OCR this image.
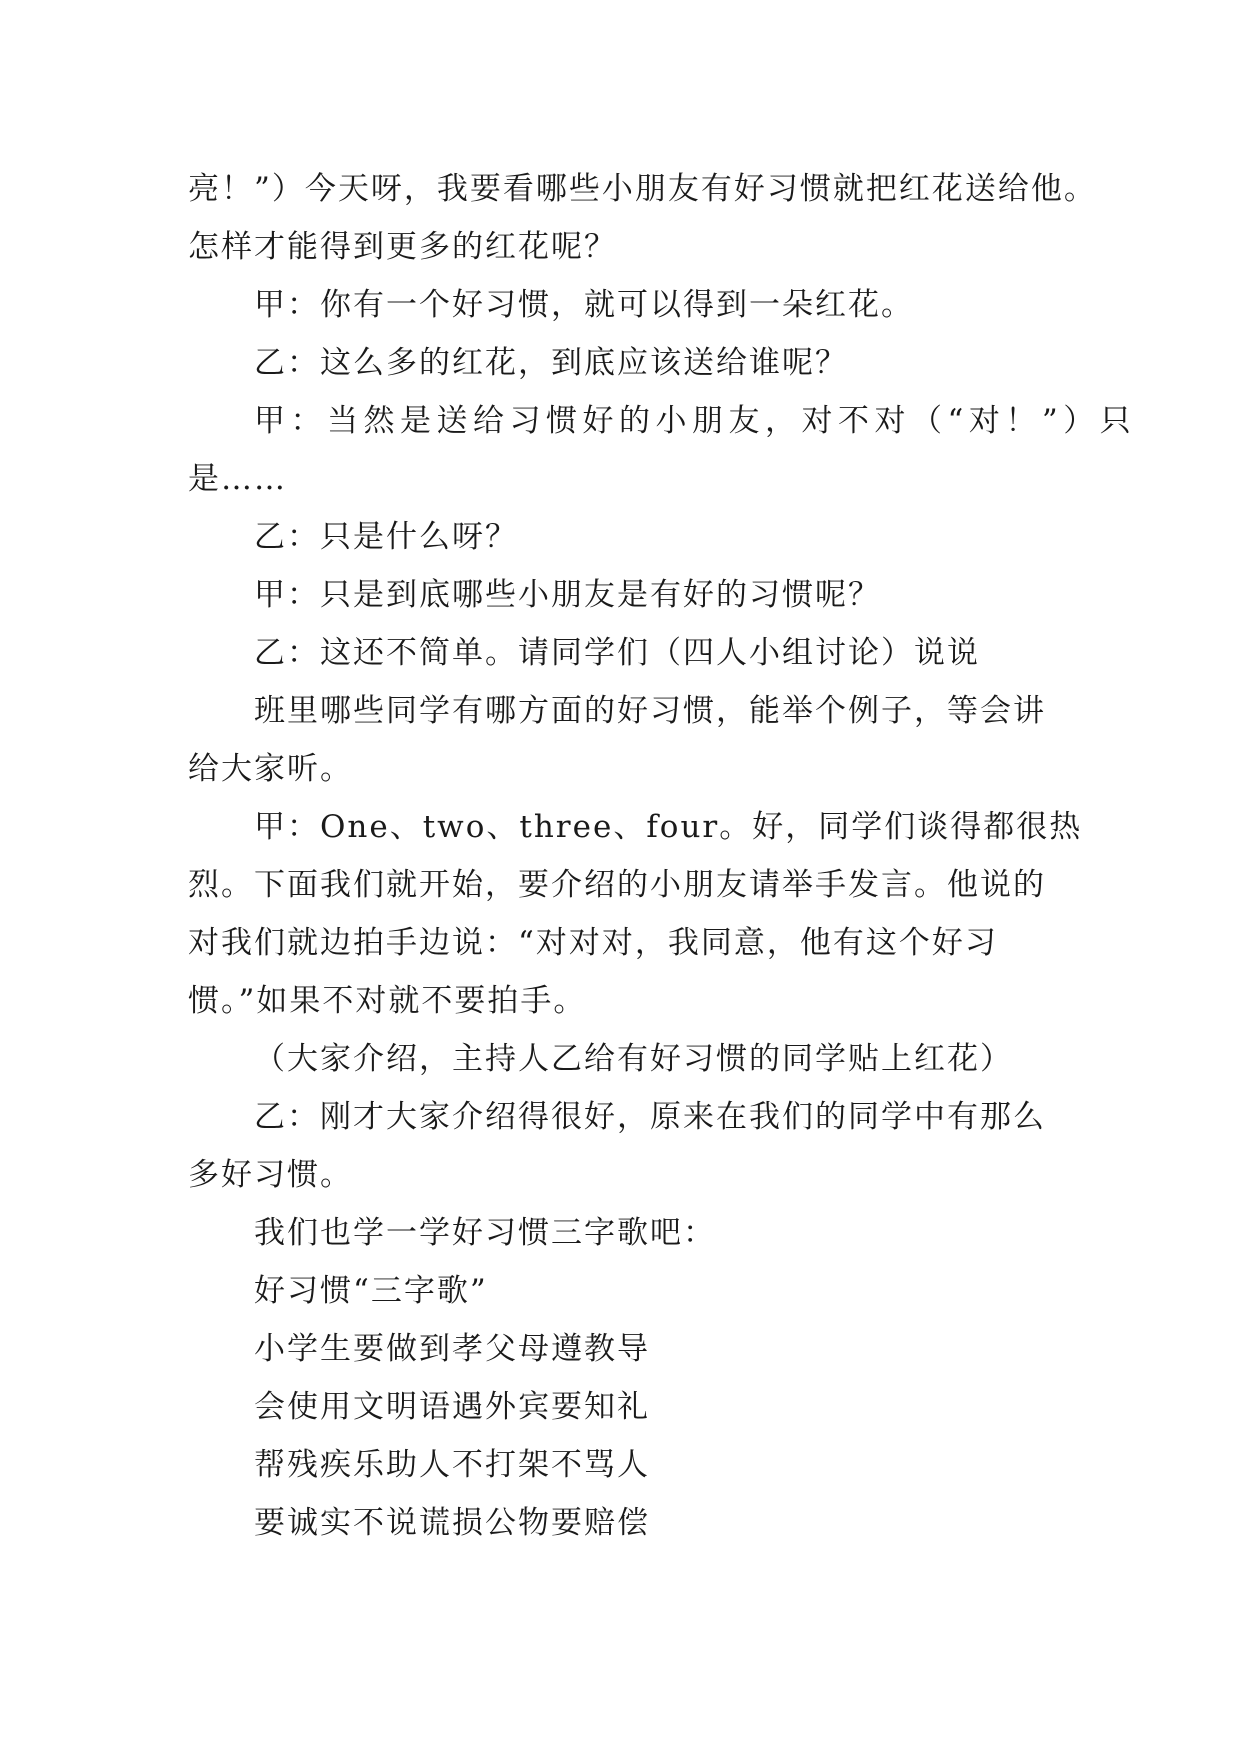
亮！”）今天呀，我要看哪些小朋友有好习惯就把红花送给他。
怎样才能得到更多的红花呢？
甲：你有一个好习惯，就可以得到一朵红花。
乙：这么多的红花，到底应该送给谁呢？
甲：当然是送给习惯好的小朋友，对不对（“对！”）只
是……
乙：只是什么呀？
甲：只是到底哪些小朋友是有好的习惯呢？
乙：这还不简单。请同学们（四人小组讨论）说说
班里哪些同学有哪方面的好习惯，能举个例子，等会讲
给大家听。
甲：One、two、three、four。好，同学们谈得都很热
烈。下面我们就开始，要介绍的小朋友请举手发言。他说的
对我们就边拍手边说：“对对对，我同意，他有这个好习
惯。”如果不对就不要拍手。
（大家介绍，主持人乙给有好习惯的同学贴上红花）
乙：刚才大家介绍得很好，原来在我们的同学中有那么
多好习惯。
我们也学一学好习惯三字歌吧：
好习惯“三字歌”
小学生要做到孝父母遵教导
会使用文明语遇外宾要知礼
帮残疾乐助人不打架不骂人
要诚实不说谎损公物要赔偿
